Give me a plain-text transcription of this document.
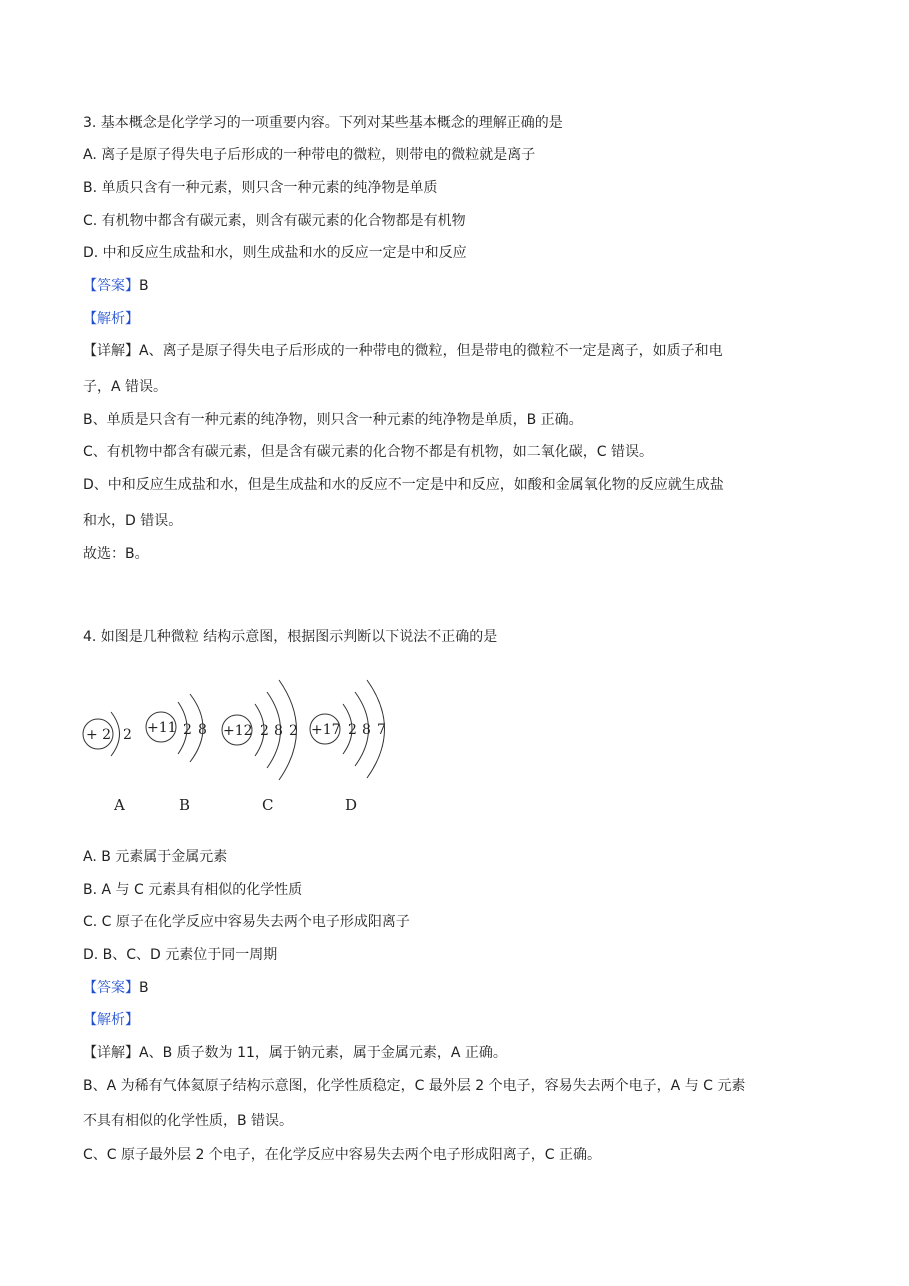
3. 基本概念是化学学习的一项重要内容。下列对某些基本概念的理解正确的是
A. 离子是原子得失电子后形成的一种带电的微粒，则带电的微粒就是离子
B. 单质只含有一种元素，则只含一种元素的纯净物是单质
C. 有机物中都含有碳元素，则含有碳元素的化合物都是有机物
D. 中和反应生成盐和水，则生成盐和水的反应一定是中和反应
【答案】B
【解析】
【详解】A、离子是原子得失电子后形成的一种带电的微粒，但是带电的微粒不一定是离子，如质子和电
子，A 错误。
B、单质是只含有一种元素的纯净物，则只含一种元素的纯净物是单质，B 正确。
C、有机物中都含有碳元素，但是含有碳元素的化合物不都是有机物，如二氧化碳，C 错误。
D、中和反应生成盐和水，但是生成盐和水的反应不一定是中和反应，如酸和金属氧化物的反应就生成盐
和水，D 错误。
故选：B。
4. 如图是几种微粒 结构示意图，根据图示判断以下说法不正确的是
+ 2 2 +11 2 8 +12 2 8 2 +17 2 8 7
A	B	C	D
A. B 元素属于金属元素
B. A 与 C 元素具有相似的化学性质
C. C 原子在化学反应中容易失去两个电子形成阳离子
D. B、C、D 元素位于同一周期
【答案】B
【解析】
【详解】A、B 质子数为 11，属于钠元素，属于金属元素，A 正确。
B、A 为稀有气体氦原子结构示意图，化学性质稳定，C 最外层 2 个电子，容易失去两个电子，A 与 C 元素
不具有相似的化学性质，B 错误。
C、C 原子最外层 2 个电子，在化学反应中容易失去两个电子形成阳离子，C 正确。
